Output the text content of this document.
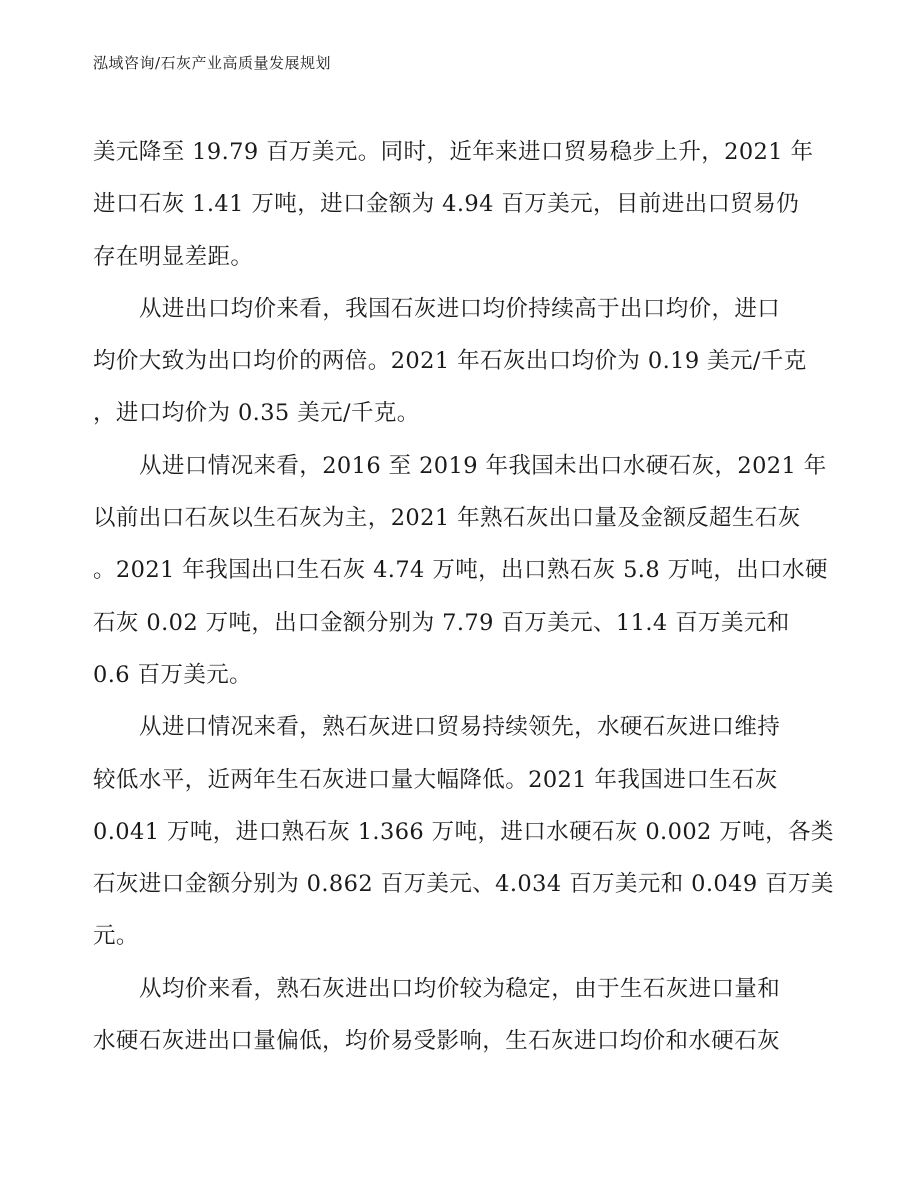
泓域咨询/石灰产业高质量发展规划
美元降至 19.79 百万美元。同时，近年来进口贸易稳步上升，2021 年
进口石灰 1.41 万吨，进口金额为 4.94 百万美元，目前进出口贸易仍
存在明显差距。
从进出口均价来看，我国石灰进口均价持续高于出口均价，进口
均价大致为出口均价的两倍。2021 年石灰出口均价为 0.19 美元/千克
，进口均价为 0.35 美元/千克。
从进口情况来看，2016 至 2019 年我国未出口水硬石灰，2021 年
以前出口石灰以生石灰为主，2021 年熟石灰出口量及金额反超生石灰
。2021 年我国出口生石灰 4.74 万吨，出口熟石灰 5.8 万吨，出口水硬
石灰 0.02 万吨，出口金额分别为 7.79 百万美元、11.4 百万美元和
0.6 百万美元。
从进口情况来看，熟石灰进口贸易持续领先，水硬石灰进口维持
较低水平，近两年生石灰进口量大幅降低。2021 年我国进口生石灰
0.041 万吨，进口熟石灰 1.366 万吨，进口水硬石灰 0.002 万吨，各类
石灰进口金额分别为 0.862 百万美元、4.034 百万美元和 0.049 百万美
元。
从均价来看，熟石灰进出口均价较为稳定，由于生石灰进口量和
水硬石灰进出口量偏低，均价易受影响，生石灰进口均价和水硬石灰
